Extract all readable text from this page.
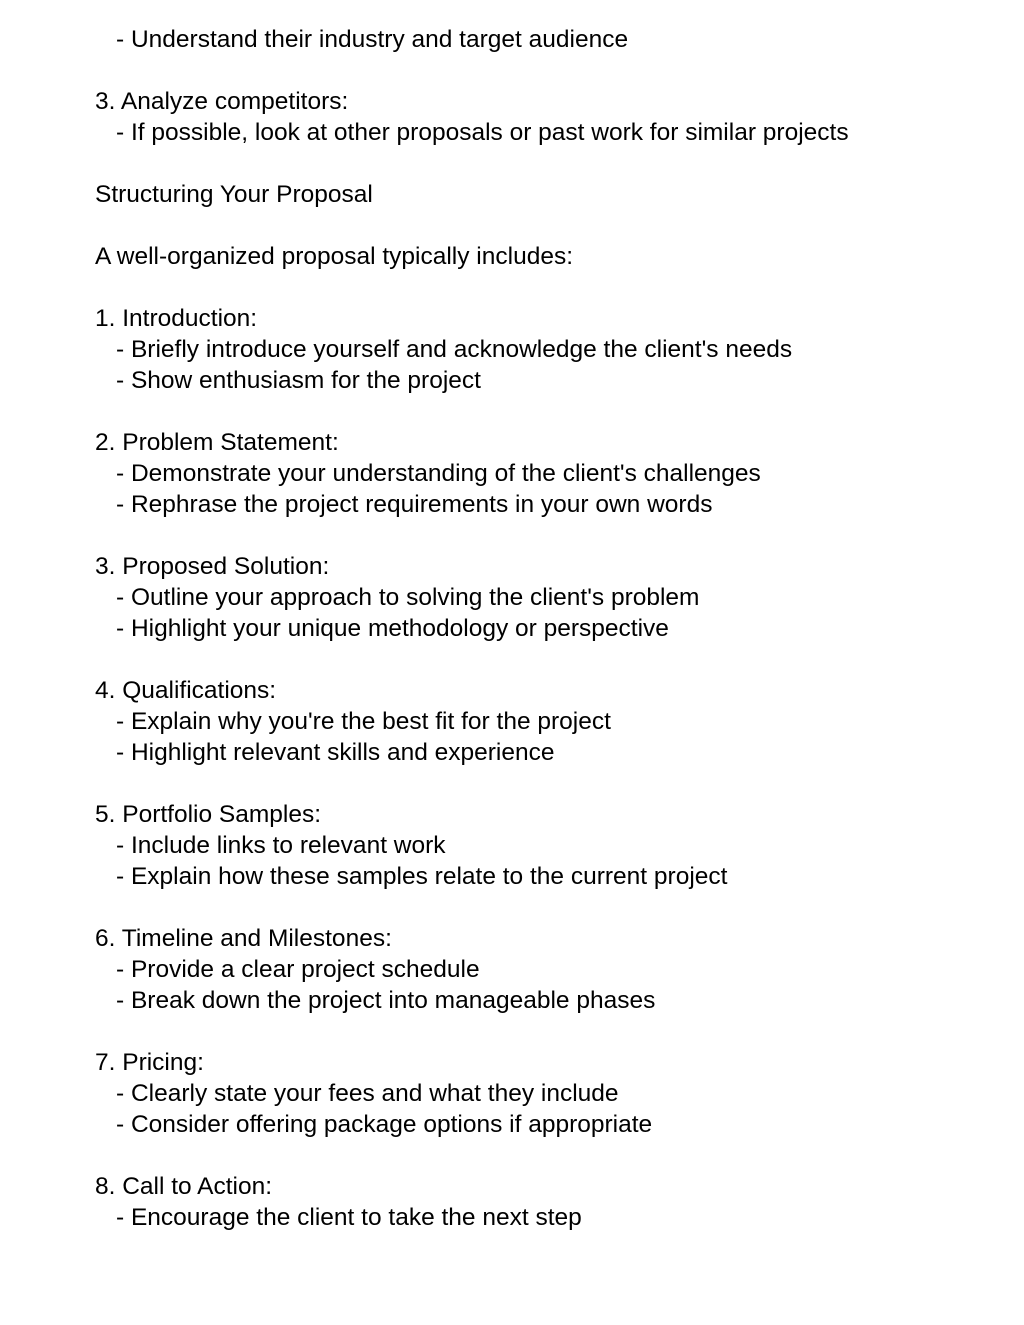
- Understand their industry and target audience
3. Analyze competitors:
- If possible, look at other proposals or past work for similar projects
Structuring Your Proposal
A well-organized proposal typically includes:
1. Introduction:
- Briefly introduce yourself and acknowledge the client's needs
- Show enthusiasm for the project
2. Problem Statement:
- Demonstrate your understanding of the client's challenges
- Rephrase the project requirements in your own words
3. Proposed Solution:
- Outline your approach to solving the client's problem
- Highlight your unique methodology or perspective
4. Qualifications:
- Explain why you're the best fit for the project
- Highlight relevant skills and experience
5. Portfolio Samples:
- Include links to relevant work
- Explain how these samples relate to the current project
6. Timeline and Milestones:
- Provide a clear project schedule
- Break down the project into manageable phases
7. Pricing:
- Clearly state your fees and what they include
- Consider offering package options if appropriate
8. Call to Action:
- Encourage the client to take the next step
